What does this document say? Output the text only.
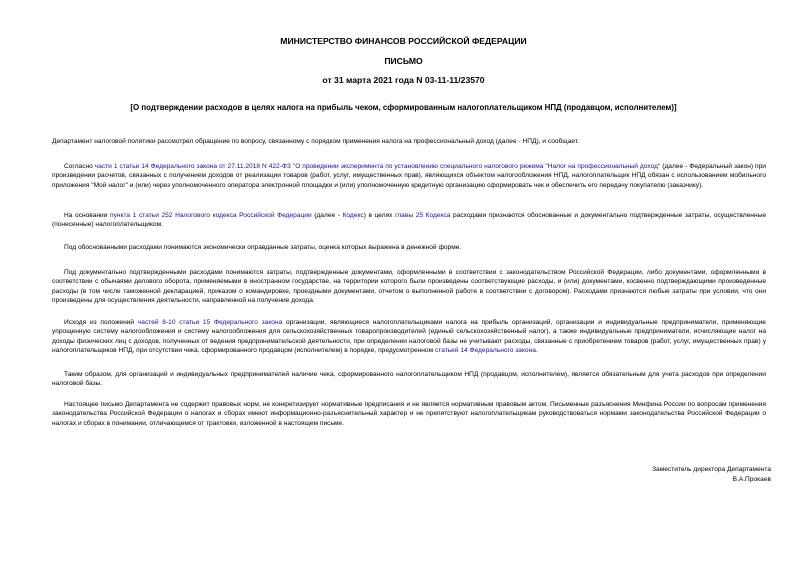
МИНИСТЕРСТВО ФИНАНСОВ РОССИЙСКОЙ ФЕДЕРАЦИИ
ПИСЬМО
от 31 марта 2021 года N 03-11-11/23570
[О подтверждении расходов в целях налога на прибыль чеком, сформированным налогоплательщиком НПД (продавцом, исполнителем)]
Департамент налоговой политики рассмотрел обращение по вопросу, связанному с порядком применения налога на профессиональный доход (далее - НПД), и сообщает.
Согласно части 1 статьи 14 Федерального закона от 27.11.2018 N 422-ФЗ "О проведении эксперимента по установлению специального налогового режима "Налог на профессиональный доход" (далее - Федеральный закон) при произведении расчетов, связанных с получением доходов от реализации товаров (работ, услуг, имущественных прав), являющихся объектом налогообложения НПД, налогоплательщик НПД обязан с использованием мобильного приложения "Мой налог" и (или) через уполномоченного оператора электронной площадки и (или) уполномоченную кредитную организацию сформировать чек и обеспечить его передачу покупателю (заказчику).
На основании пункта 1 статьи 252 Налогового кодекса Российской Федерации (далее - Кодекс) в целях главы 25 Кодекса расходами признаются обоснованные и документально подтвержденные затраты, осуществленные (понесенные) налогоплательщиком.
Под обоснованными расходами понимаются экономически оправданные затраты, оценка которых выражена в денежной форме.
Под документально подтвержденными расходами понимаются затраты, подтвержденные документами, оформленными в соответствии с законодательством Российской Федерации, либо документами, оформленными в соответствии с обычаями делового оборота, применяемыми в иностранном государстве, на территории которого были произведены соответствующие расходы, и (или) документами, косвенно подтверждающими произведенные расходы (в том числе таможенной декларацией, приказом о командировке, проездными документами, отчетом о выполненной работе в соответствии с договором). Расходами признаются любые затраты при условии, что они произведены для осуществления деятельности, направленной на получение дохода.
Исходя из положений частей 8-10 статьи 15 Федерального закона организации, являющиеся налогоплательщиками налога на прибыль организаций, организации и индивидуальные предприниматели, применяющие упрощенную систему налогообложения и систему налогообложения для сельскохозяйственных товаропроизводителей (единый сельскохозяйственный налог), а также индивидуальные предприниматели, исчисляющие налог на доходы физических лиц с доходов, полученных от ведения предпринимательской деятельности, при определении налоговой базы не учитывают расходы, связанные с приобретением товаров (работ, услуг, имущественных прав) у налогоплательщиков НПД, при отсутствии чека, сформированного продавцом (исполнителем) в порядке, предусмотренном статьей 14 Федерального закона.
Таким образом, для организаций и индивидуальных предпринимателей наличие чека, сформированного налогоплательщиком НПД (продавцом, исполнителем), является обязательным для учета расходов при определении налоговой базы.
Настоящее письмо Департамента не содержит правовых норм, не конкретизирует нормативные предписания и не является нормативным правовым актом. Письменные разъяснения Минфина России по вопросам применения законодательства Российской Федерации о налогах и сборах имеют информационно-разъяснительный характер и не препятствуют налогоплательщикам руководствоваться нормами законодательства Российской Федерации о налогах и сборах в понимании, отличающемся от трактовки, изложенной в настоящем письме.
Заместитель директора Департамента
В.А.Прокаев
